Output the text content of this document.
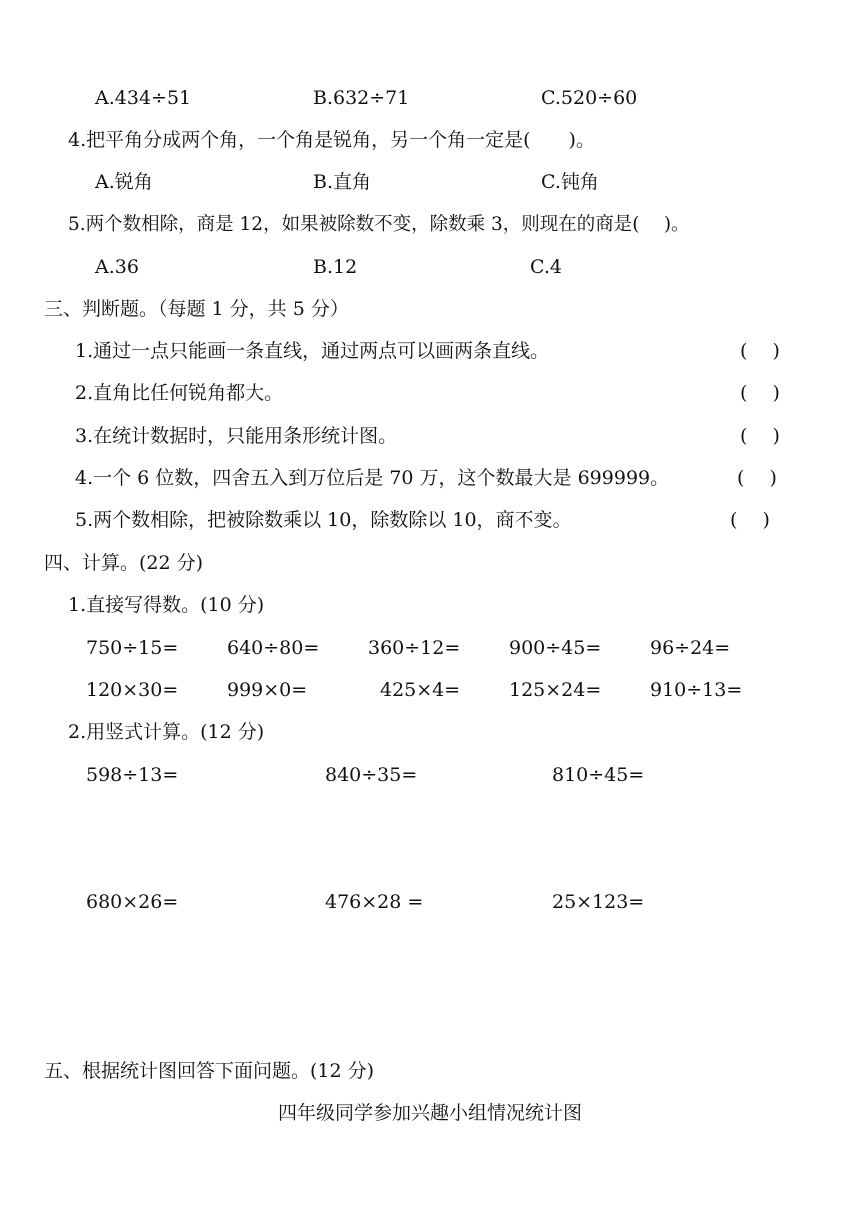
A.434÷51	B.632÷71	C.520÷60
4.把平角分成两个角，一个角是锐角，另一个角一定是(　　)。
A.锐角	B.直角	C.钝角
5.两个数相除，商是 12，如果被除数不变，除数乘 3，则现在的商是(　 )。
A.36	B.12	C.4
三、判断题。（每题 1 分，共 5 分）
1.通过一点只能画一条直线，通过两点可以画两条直线。	(　 )
2.直角比任何锐角都大。	(　 )
3.在统计数据时，只能用条形统计图。	(　 )
4.一个 6 位数，四舍五入到万位后是 70 万，这个数最大是 699999。	(　 )
5.两个数相除，把被除数乘以 10，除数除以 10，商不变。	(　 )
四、计算。(22 分)
1.直接写得数。(10 分)
750÷15=	640÷80=	360÷12=	900÷45=	96÷24=
120×30=	999×0=	425×4=	125×24=	910÷13=
2.用竖式计算。(12 分)
598÷13=	840÷35=	810÷45=
680×26=	476×28 =	25×123=
五、根据统计图回答下面问题。(12 分)
四年级同学参加兴趣小组情况统计图
